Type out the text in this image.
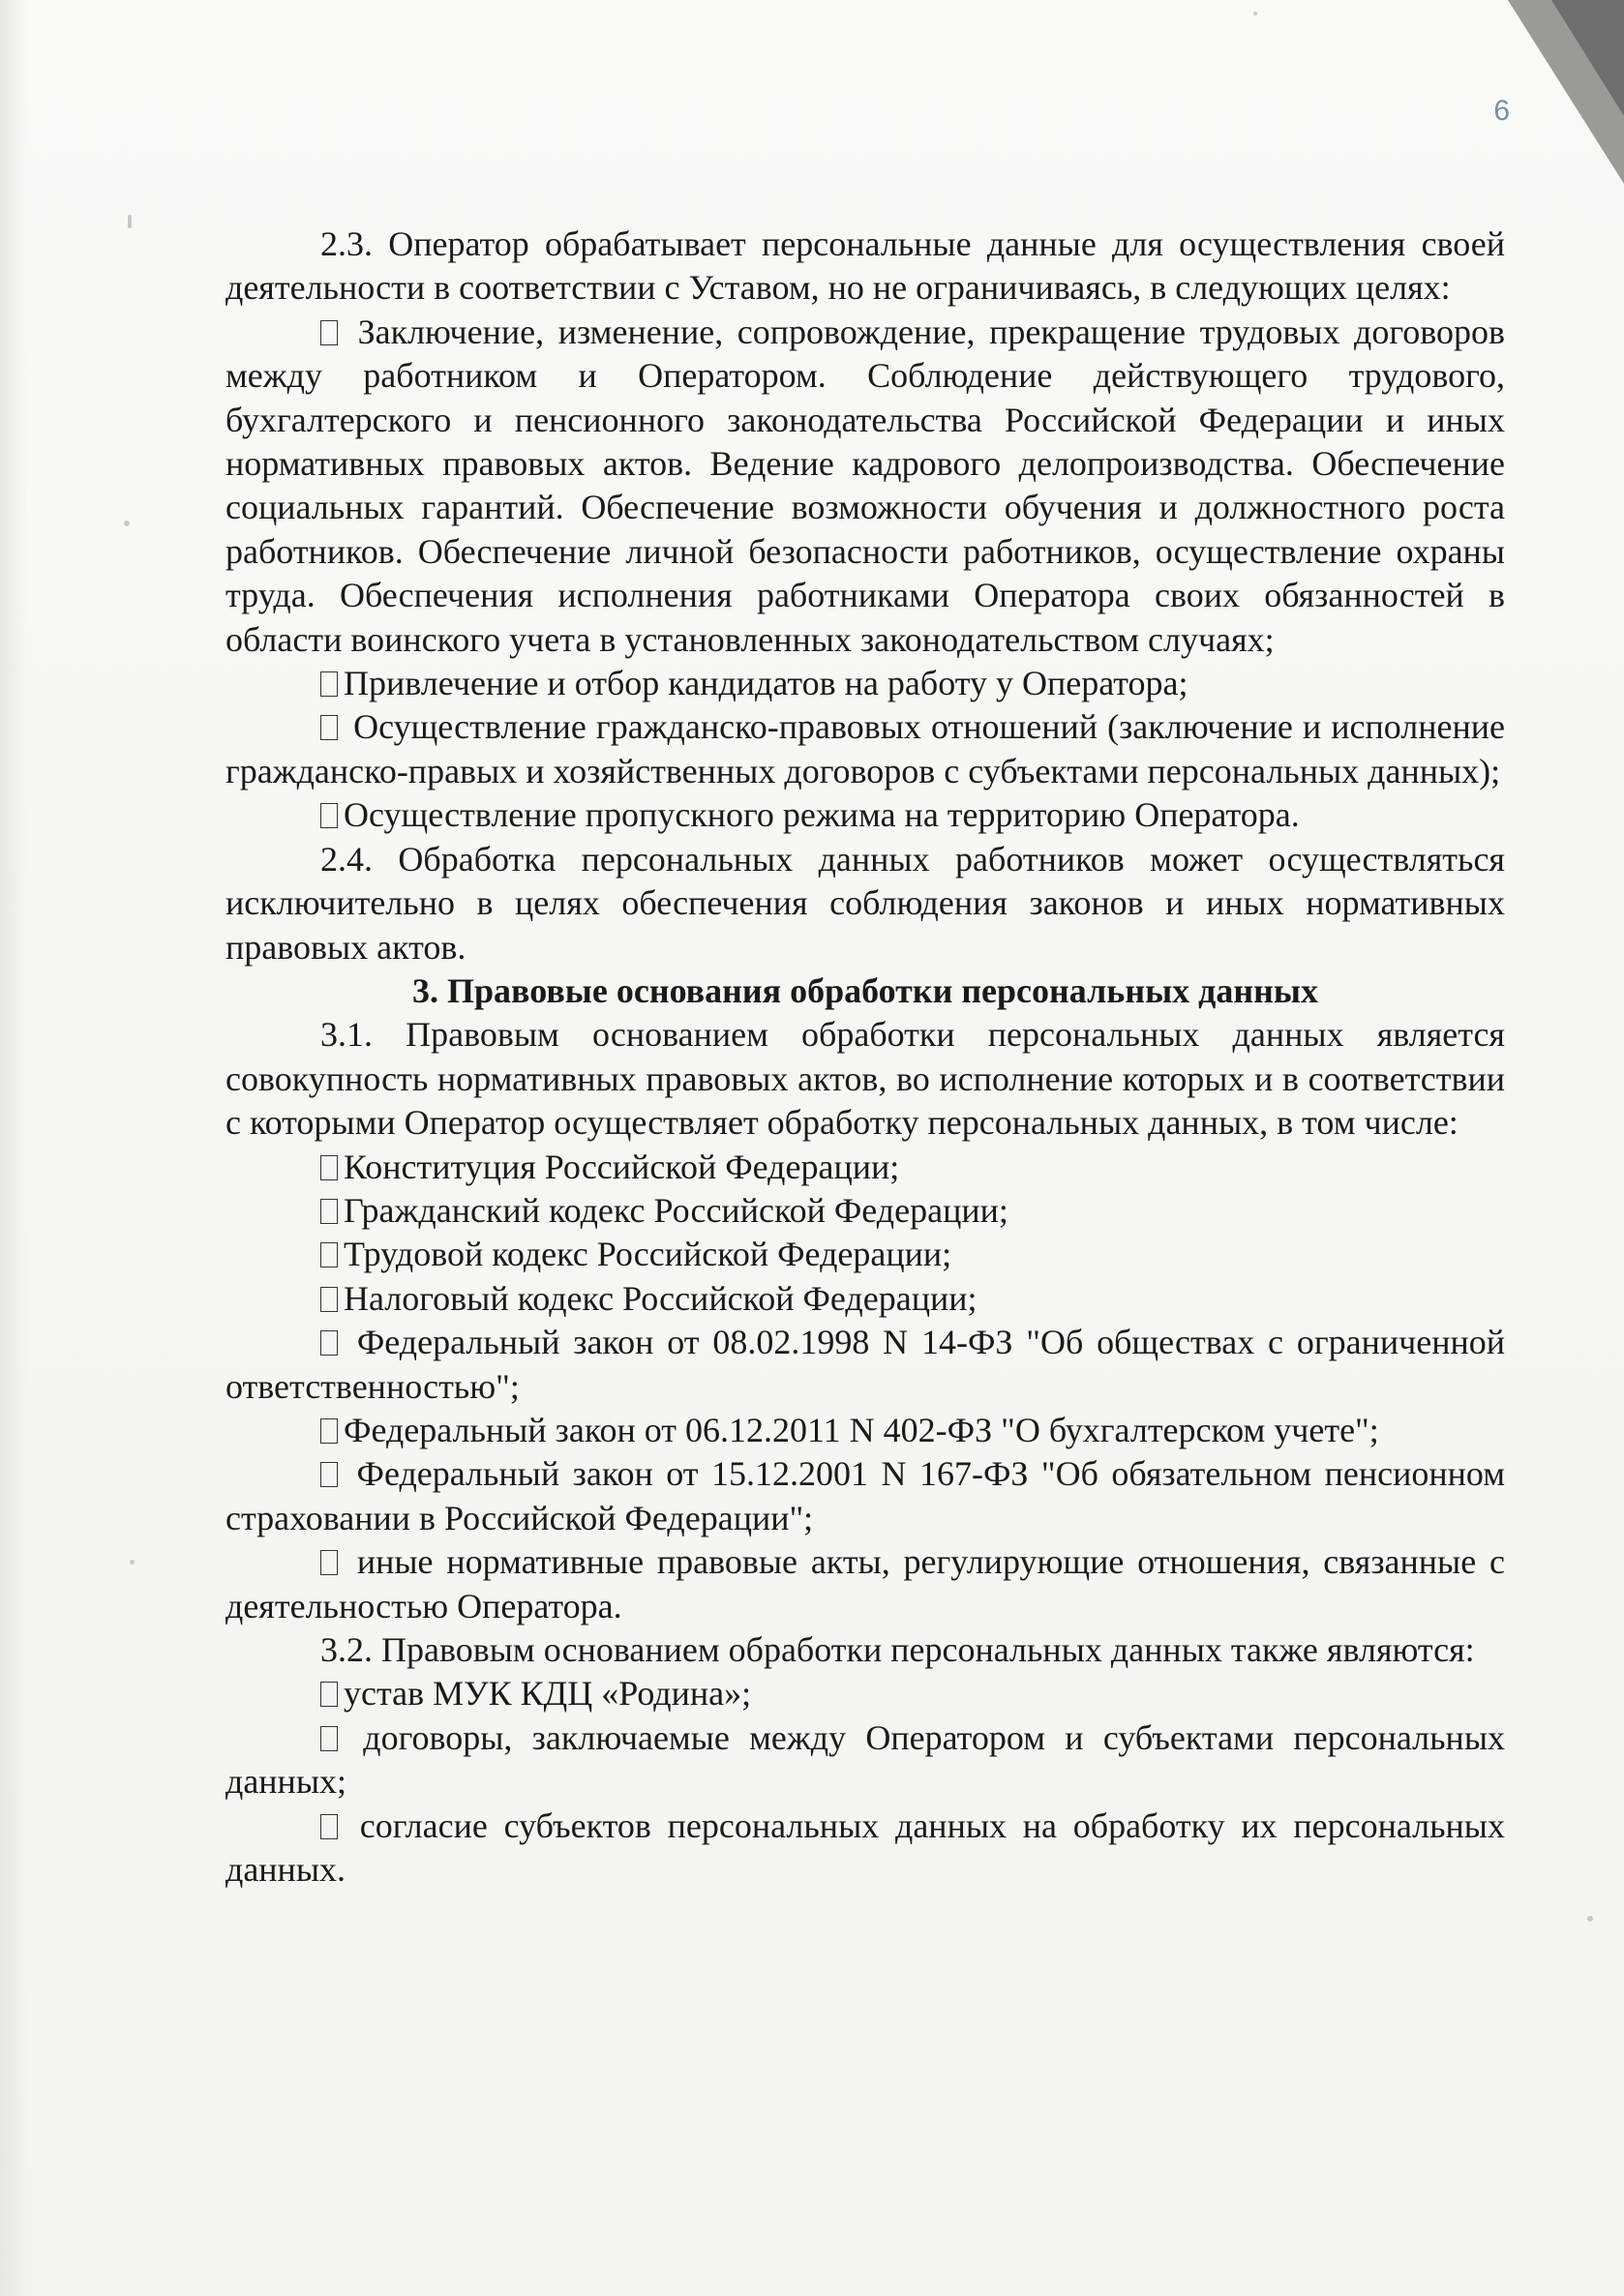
6

2.3. Оператор обрабатывает персональные данные для осуществления своей деятельности в соответствии с Уставом, но не ограничиваясь, в следующих целях:

Заключение, изменение, сопровождение, прекращение трудовых договоров между работником и Оператором. Соблюдение действующего трудового, бухгалтерского и пенсионного законодательства Российской Федерации и иных нормативных правовых актов. Ведение кадрового делопроизводства. Обеспечение социальных гарантий. Обеспечение возможности обучения и должностного роста работников. Обеспечение личной безопасности работников, осуществление охраны труда. Обеспечения исполнения работниками Оператора своих обязанностей в области воинского учета в установленных законодательством случаях;

Привлечение и отбор кандидатов на работу у Оператора;

Осуществление гражданско-правовых отношений (заключение и исполнение гражданско-правых и хозяйственных договоров с субъектами персональных данных);

Осуществление пропускного режима на территорию Оператора.

2.4. Обработка персональных данных работников может осуществляться исключительно в целях обеспечения соблюдения законов и иных нормативных правовых актов.

3. Правовые основания обработки персональных данных

3.1. Правовым основанием обработки персональных данных является совокупность нормативных правовых актов, во исполнение которых и в соответствии с которыми Оператор осуществляет обработку персональных данных, в том числе:

Конституция Российской Федерации;

Гражданский кодекс Российской Федерации;

Трудовой кодекс Российской Федерации;

Налоговый кодекс Российской Федерации;

Федеральный закон от 08.02.1998 N 14-ФЗ "Об обществах с ограниченной ответственностью";

Федеральный закон от 06.12.2011 N 402-ФЗ "О бухгалтерском учете";

Федеральный закон от 15.12.2001 N 167-ФЗ "Об обязательном пенсионном страховании в Российской Федерации";

иные нормативные правовые акты, регулирующие отношения, связанные с деятельностью Оператора.

3.2. Правовым основанием обработки персональных данных также являются:

устав МУК КДЦ «Родина»;

договоры, заключаемые между Оператором и субъектами персональных данных;

согласие субъектов персональных данных на обработку их персональных данных.
